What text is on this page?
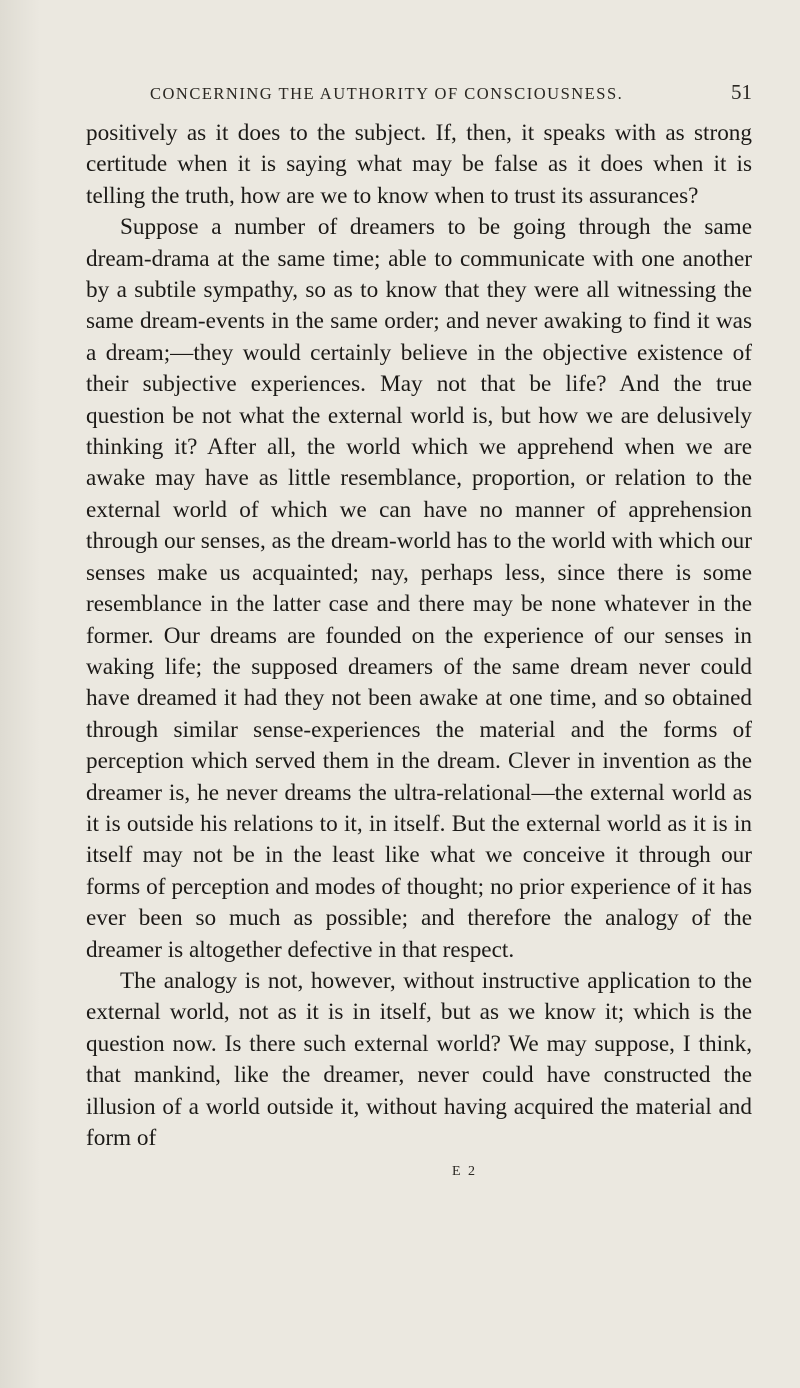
CONCERNING THE AUTHORITY OF CONSCIOUSNESS.	51

positively as it does to the subject. If, then, it speaks with as strong certitude when it is saying what may be false as it does when it is telling the truth, how are we to know when to trust its assurances?

Suppose a number of dreamers to be going through the same dream-drama at the same time; able to communicate with one another by a subtile sympathy, so as to know that they were all witnessing the same dream-events in the same order; and never awaking to find it was a dream;—they would certainly believe in the objective existence of their subjective experiences. May not that be life? And the true question be not what the external world is, but how we are delusively thinking it? After all, the world which we apprehend when we are awake may have as little resemblance, proportion, or relation to the external world of which we can have no manner of apprehension through our senses, as the dream-world has to the world with which our senses make us acquainted; nay, perhaps less, since there is some resemblance in the latter case and there may be none whatever in the former. Our dreams are founded on the experience of our senses in waking life; the supposed dreamers of the same dream never could have dreamed it had they not been awake at one time, and so obtained through similar sense-experiences the material and the forms of perception which served them in the dream. Clever in invention as the dreamer is, he never dreams the ultra-relational—the external world as it is outside his relations to it, in itself. But the external world as it is in itself may not be in the least like what we conceive it through our forms of perception and modes of thought; no prior experience of it has ever been so much as possible; and therefore the analogy of the dreamer is altogether defective in that respect.

The analogy is not, however, without instructive application to the external world, not as it is in itself, but as we know it; which is the question now. Is there such external world? We may suppose, I think, that mankind, like the dreamer, never could have constructed the illusion of a world outside it, without having acquired the material and form of

E 2
